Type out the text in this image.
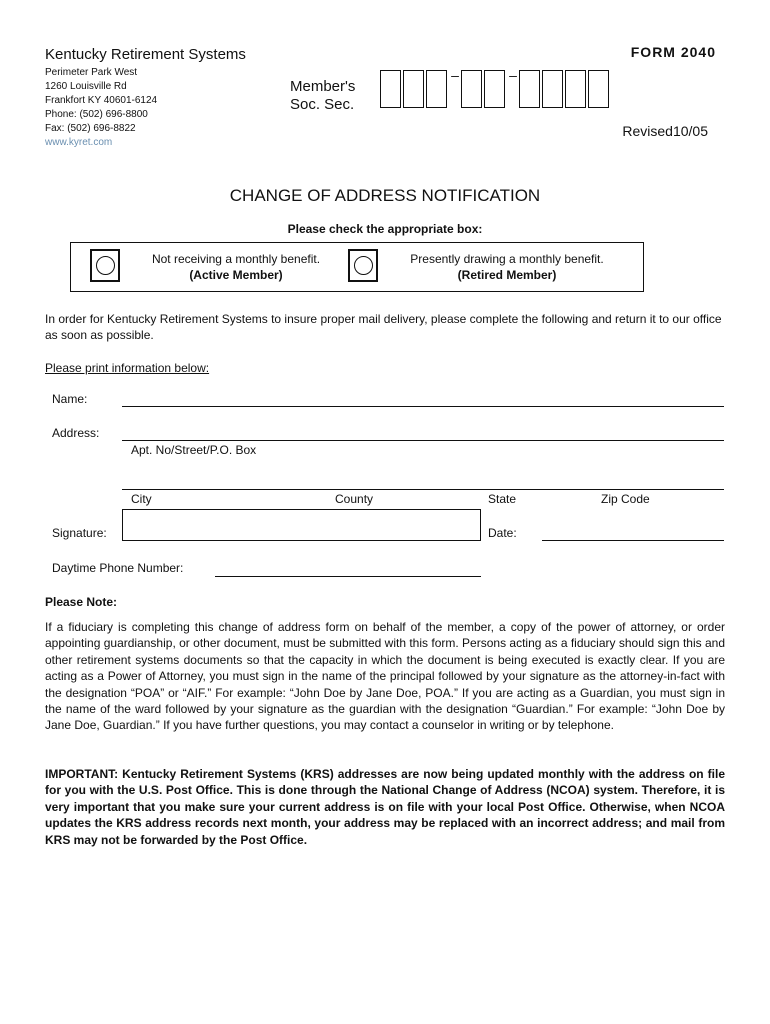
Kentucky Retirement Systems
Perimeter Park West
1260 Louisville Rd
Frankfort KY 40601-6124
Phone: (502) 696-8800
Fax: (502) 696-8822
www.kyret.com
FORM 2040
Member's
Soc. Sec.
–	–
Revised10/05
CHANGE OF ADDRESS NOTIFICATION
Please check the appropriate box:
Not receiving a monthly benefit.
(Active Member)
Presently drawing a monthly benefit.
(Retired Member)
In order for Kentucky Retirement Systems to insure proper mail delivery, please complete the following and return it to our office as soon as possible.
Please print information below:
Name:
Address:
Apt. No/Street/P.O. Box
City	County	State	Zip Code
Signature:	Date:
Daytime Phone Number:
Please Note:
If a fiduciary is completing this change of address form on behalf of the member, a copy of the power of attorney, or order appointing guardianship, or other document, must be submitted with this form. Persons acting as a fiduciary should sign this and other retirement systems documents so that the capacity in which the document is being executed is exactly clear. If you are acting as a Power of Attorney, you must sign in the name of the principal followed by your signature as the attorney-in-fact with the designation “POA” or “AIF.” For example: “John Doe by Jane Doe, POA.” If you are acting as a Guardian, you must sign in the name of the ward followed by your signature as the guardian with the designation “Guardian.” For example: “John Doe by Jane Doe, Guardian.” If you have further questions, you may contact a counselor in writing or by telephone.
IMPORTANT: Kentucky Retirement Systems (KRS) addresses are now being updated monthly with the address on file for you with the U.S. Post Office. This is done through the National Change of Address (NCOA) system. Therefore, it is very important that you make sure your current address is on file with your local Post Office. Otherwise, when NCOA updates the KRS address records next month, your address may be replaced with an incorrect address; and mail from KRS may not be forwarded by the Post Office.
